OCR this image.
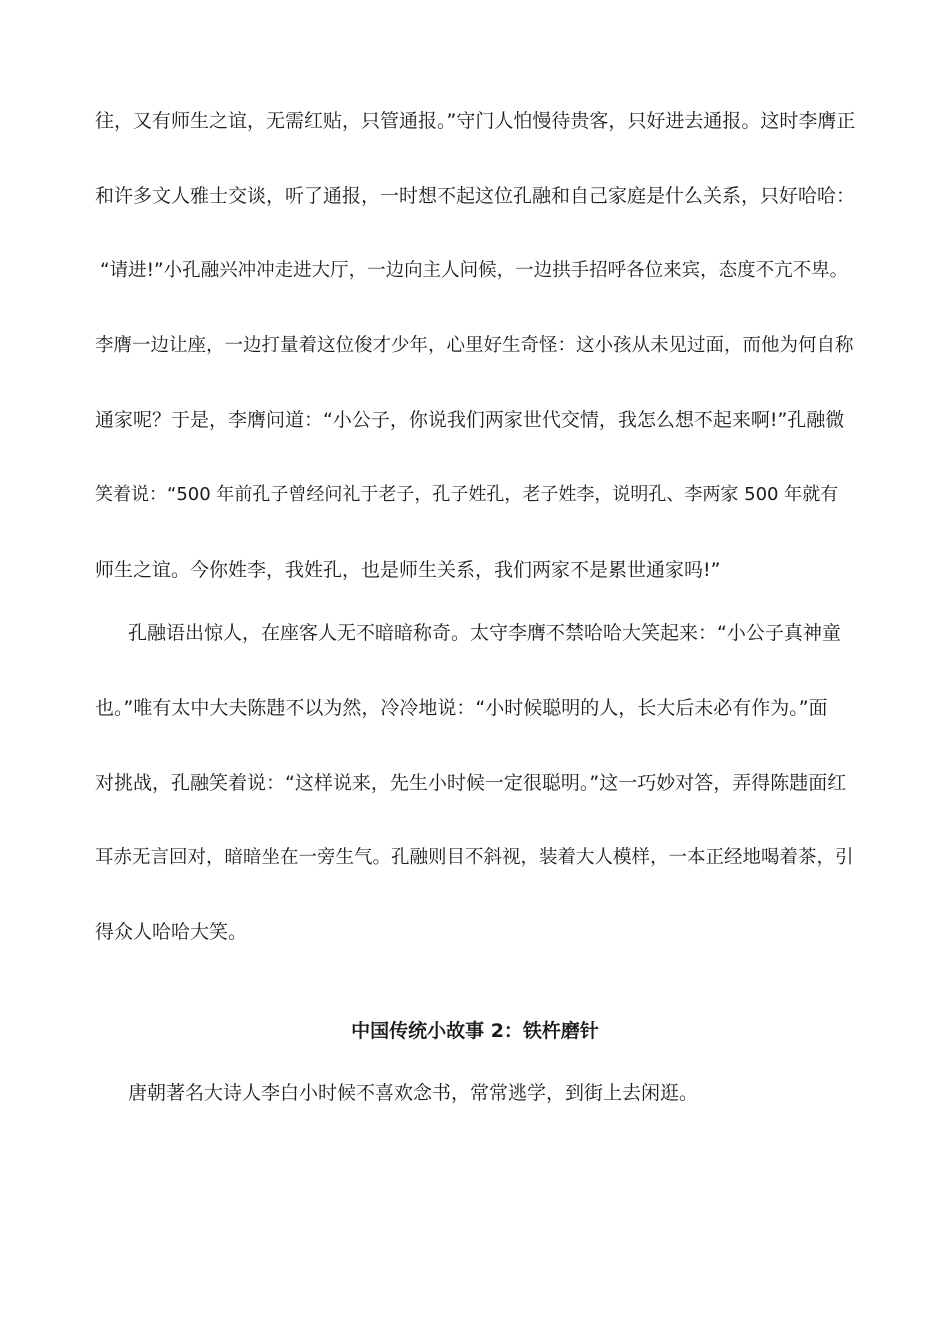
往，又有师生之谊，无需红贴，只管通报。”守门人怕慢待贵客，只好进去通报。这时李膺正
和许多文人雅士交谈，听了通报，一时想不起这位孔融和自己家庭是什么关系，只好哈哈：
“请进!”小孔融兴冲冲走进大厅，一边向主人问候，一边拱手招呼各位来宾，态度不亢不卑。
李膺一边让座，一边打量着这位俊才少年，心里好生奇怪：这小孩从未见过面，而他为何自称
通家呢？于是，李膺问道：“小公子，你说我们两家世代交情，我怎么想不起来啊!”孔融微
笑着说：“500 年前孔子曾经问礼于老子，孔子姓孔，老子姓李，说明孔、李两家 500 年就有
师生之谊。今你姓李，我姓孔，也是师生关系，我们两家不是累世通家吗!”
孔融语出惊人，在座客人无不暗暗称奇。太守李膺不禁哈哈大笑起来：“小公子真神童
也。”唯有太中大夫陈韪不以为然，冷冷地说：“小时候聪明的人，长大后未必有作为。”面
对挑战，孔融笑着说：“这样说来，先生小时候一定很聪明。”这一巧妙对答，弄得陈韪面红
耳赤无言回对，暗暗坐在一旁生气。孔融则目不斜视，装着大人模样，一本正经地喝着茶，引
得众人哈哈大笑。
中国传统小故事 2：铁杵磨针
唐朝著名大诗人李白小时候不喜欢念书，常常逃学，到街上去闲逛。
